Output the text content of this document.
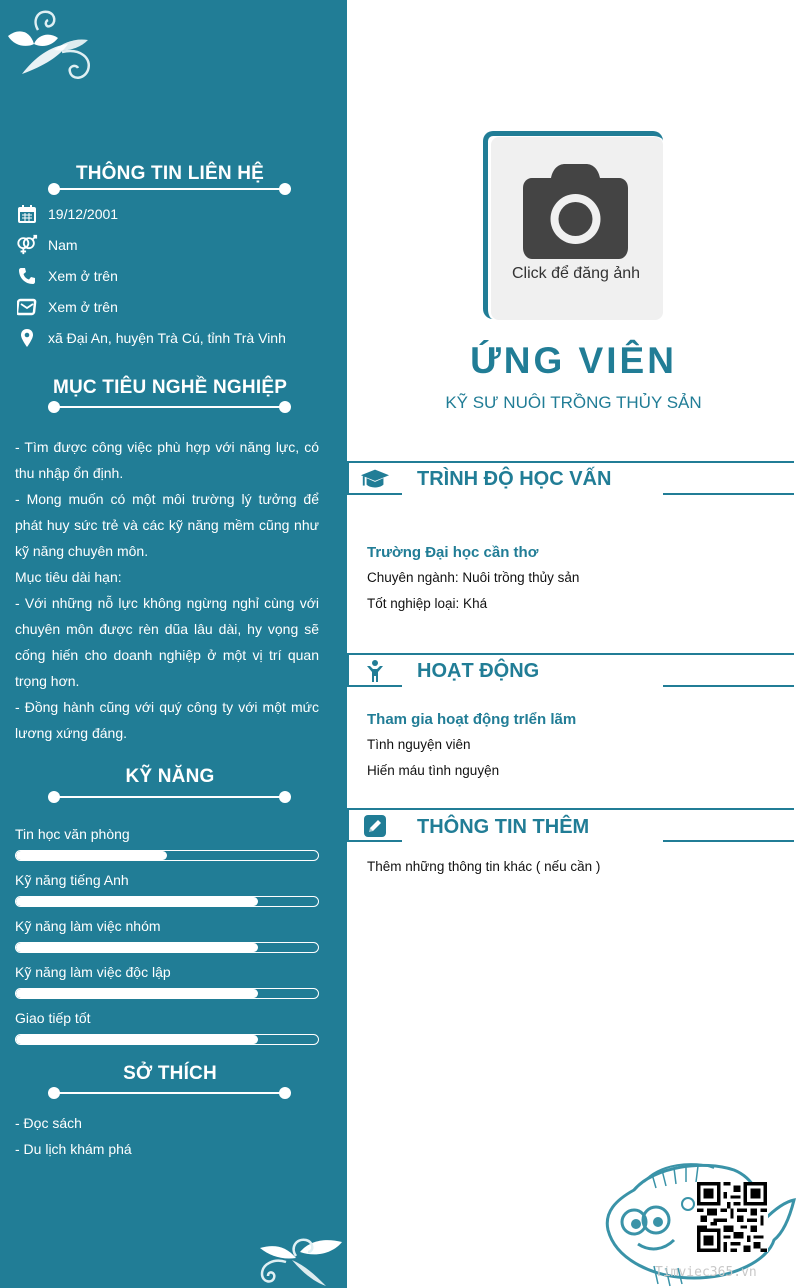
THÔNG TIN LIÊN HỆ
19/12/2001
Nam
Xem ở trên
Xem ở trên
xã Đại An, huyện Trà Cú, tỉnh Trà Vinh
MỤC TIÊU NGHỀ NGHIỆP

- Tìm được công việc phù hợp với năng lực, có thu nhập ổn định.

- Mong muốn có một môi trường lý tưởng để phát huy sức trẻ và các kỹ năng mềm cũng như kỹ năng chuyên môn.

Mục tiêu dài hạn:

- Với những nỗ lực không ngừng nghỉ cùng với chuyên môn được rèn dũa lâu dài, hy vọng sẽ cống hiến cho doanh nghiệp ở một vị trí quan trọng hơn.

- Đồng hành cũng với quý công ty với một mức lương xứng đáng.

KỸ NĂNG
Tin học văn phòng
Kỹ năng tiếng Anh
Kỹ năng làm việc nhóm
Kỹ năng làm việc độc lập
Giao tiếp tốt
SỞ THÍCH
- Đọc sách
- Du lịch khám phá
Click để đăng ảnh
ỨNG VIÊN
KỸ SƯ NUÔI TRỒNG THỦY SẢN
TRÌNH ĐỘ HỌC VẤN
Trường Đại học cần thơ
Chuyên ngành: Nuôi trồng thủy sản
Tốt nghiệp loại: Khá
HOẠT ĐỘNG
Tham gia hoạt động trIển lãm
Tình nguyện viên
Hiến máu tình nguyện
THÔNG TIN THÊM
Thêm những thông tin khác ( nếu cần )
Timviec365.vn
